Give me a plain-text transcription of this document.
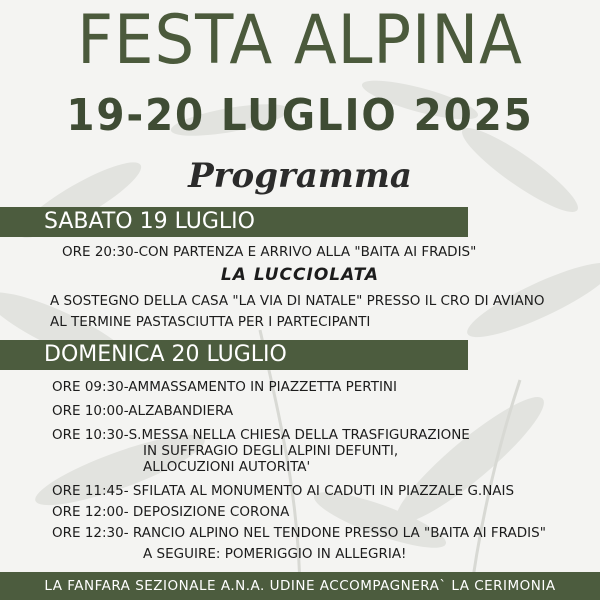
FESTA ALPINA
19-20 LUGLIO 2025
Programma
SABATO 19 LUGLIO
ORE 20:30-CON PARTENZA E ARRIVO ALLA "BAITA AI FRADIS"
LA LUCCIOLATA
A SOSTEGNO DELLA CASA "LA VIA DI NATALE" PRESSO IL CRO DI AVIANO
AL TERMINE PASTASCIUTTA PER I PARTECIPANTI
DOMENICA 20 LUGLIO
ORE 09:30-AMMASSAMENTO IN PIAZZETTA PERTINI
ORE 10:00-ALZABANDIERA
ORE 10:30-S.MESSA NELLA CHIESA DELLA TRASFIGURAZIONE
IN SUFFRAGIO DEGLI ALPINI DEFUNTI,
ALLOCUZIONI AUTORITA'
ORE 11:45- SFILATA AL MONUMENTO AI CADUTI IN PIAZZALE G.NAIS
ORE 12:00- DEPOSIZIONE CORONA
ORE 12:30- RANCIO ALPINO NEL TENDONE PRESSO LA "BAITA AI FRADIS"
A SEGUIRE: POMERIGGIO IN ALLEGRIA!
LA FANFARA SEZIONALE A.N.A. UDINE ACCOMPAGNERA` LA CERIMONIA
